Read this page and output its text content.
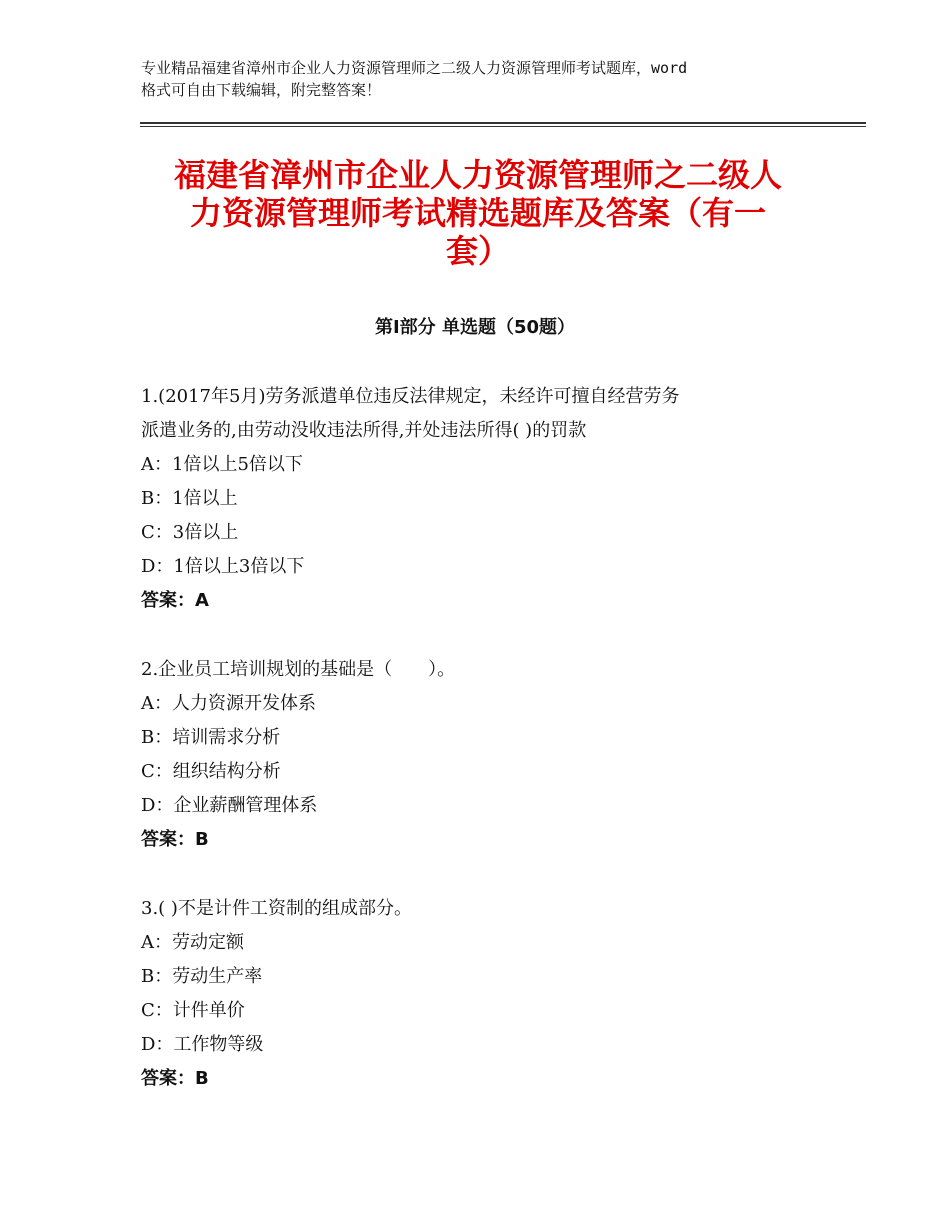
专业精品福建省漳州市企业人力资源管理师之二级人力资源管理师考试题库，word
格式可自由下载编辑，附完整答案！
福建省漳州市企业人力资源管理师之二级人
力资源管理师考试精选题库及答案（有一
套）
第Ⅰ部分 单选题（50题）
1.(2017年5月)劳务派遣单位违反法律规定，未经许可擅自经营劳务
派遣业务的,由劳动没收违法所得,并处违法所得( )的罚款
A：1倍以上5倍以下
B：1倍以上
C：3倍以上
D：1倍以上3倍以下
答案：A
2.企业员工培训规划的基础是（　　）。
A：人力资源开发体系
B：培训需求分析
C：组织结构分析
D：企业薪酬管理体系
答案：B
3.( )不是计件工资制的组成部分。
A：劳动定额
B：劳动生产率
C：计件单价
D：工作物等级
答案：B
